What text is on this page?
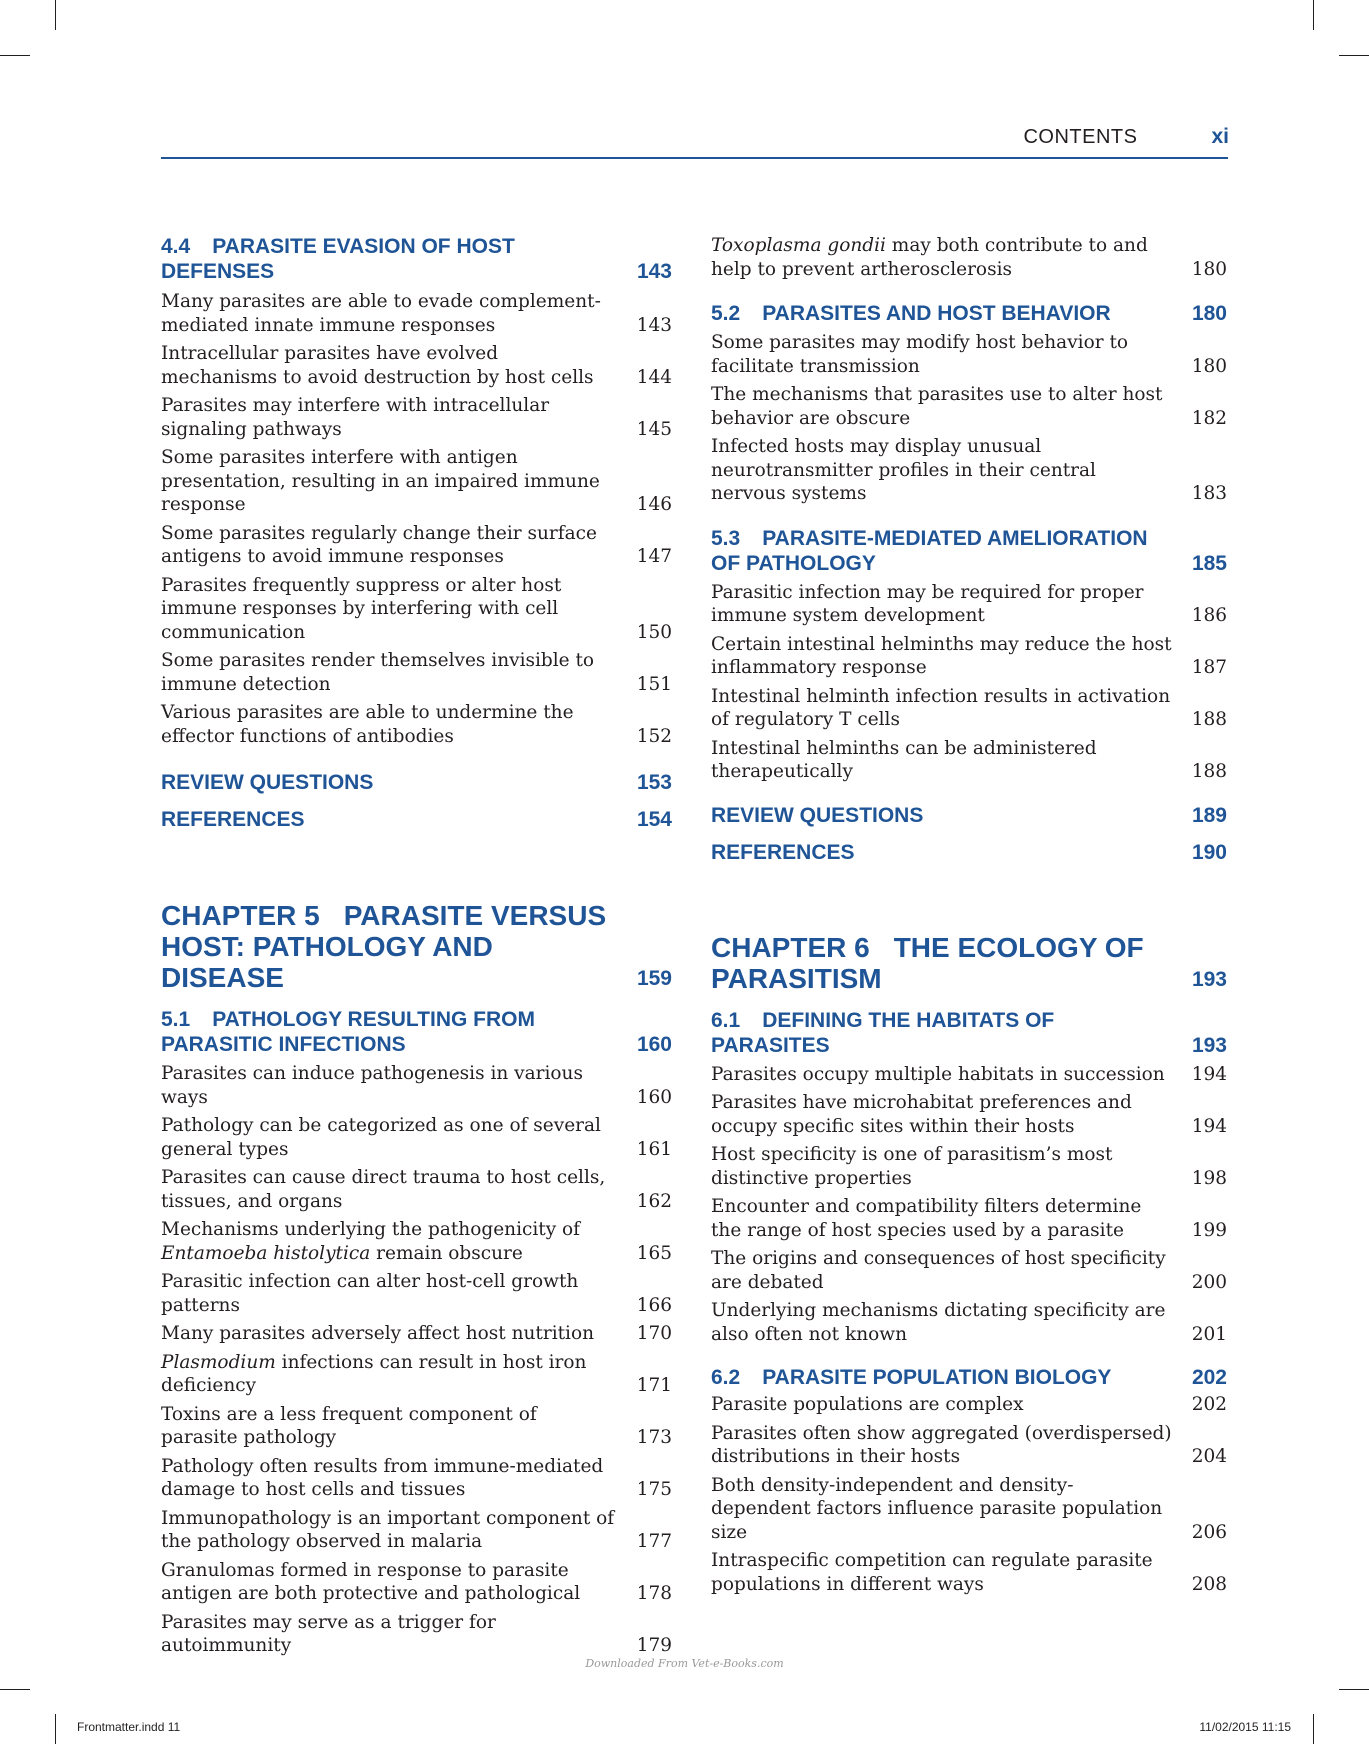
CONTENTS	xi
4.4 PARASITE EVASION OF HOST DEFENSES	143
Many parasites are able to evade complement-mediated innate immune responses	143
Intracellular parasites have evolved mechanisms to avoid destruction by host cells	144
Parasites may interfere with intracellular signaling pathways	145
Some parasites interfere with antigen presentation, resulting in an impaired immune response	146
Some parasites regularly change their surface antigens to avoid immune responses	147
Parasites frequently suppress or alter host immune responses by interfering with cell communication	150
Some parasites render themselves invisible to immune detection	151
Various parasites are able to undermine the effector functions of antibodies	152
REVIEW QUESTIONS	153
REFERENCES	154
CHAPTER 5 PARASITE VERSUS HOST: PATHOLOGY AND DISEASE	159
5.1 PATHOLOGY RESULTING FROM PARASITIC INFECTIONS	160
Parasites can induce pathogenesis in various ways	160
Pathology can be categorized as one of several general types	161
Parasites can cause direct trauma to host cells, tissues, and organs	162
Mechanisms underlying the pathogenicity of
Entamoeba histolytica remain obscure	165
Parasitic infection can alter host-cell growth patterns	166
Many parasites adversely affect host nutrition	170
Plasmodium infections can result in host iron deficiency	171
Toxins are a less frequent component of parasite pathology	173
Pathology often results from immune-mediated damage to host cells and tissues	175
Immunopathology is an important component of the pathology observed in malaria	177
Granulomas formed in response to parasite antigen are both protective and pathological	178
Parasites may serve as a trigger for autoimmunity	179
Toxoplasma gondii may both contribute to and help to prevent artherosclerosis	180
5.2 PARASITES AND HOST BEHAVIOR	180
Some parasites may modify host behavior to facilitate transmission	180
The mechanisms that parasites use to alter host behavior are obscure	182
Infected hosts may display unusual neurotransmitter profiles in their central nervous systems	183
5.3 PARASITE-MEDIATED AMELIORATION OF PATHOLOGY	185
Parasitic infection may be required for proper immune system development	186
Certain intestinal helminths may reduce the host inflammatory response	187
Intestinal helminth infection results in activation of regulatory T cells	188
Intestinal helminths can be administered therapeutically	188
REVIEW QUESTIONS	189
REFERENCES	190
CHAPTER 6 THE ECOLOGY OF PARASITISM	193
6.1 DEFINING THE HABITATS OF PARASITES	193
Parasites occupy multiple habitats in succession	194
Parasites have microhabitat preferences and occupy specific sites within their hosts	194
Host specificity is one of parasitism’s most distinctive properties	198
Encounter and compatibility filters determine the range of host species used by a parasite	199
The origins and consequences of host specificity are debated	200
Underlying mechanisms dictating specificity are also often not known	201
6.2 PARASITE POPULATION BIOLOGY	202
Parasite populations are complex	202
Parasites often show aggregated (overdispersed) distributions in their hosts	204
Both density-independent and density-dependent factors influence parasite population size	206
Intraspecific competition can regulate parasite populations in different ways	208
Downloaded From Vet-e-Books.com
Frontmatter.indd 11	11/02/2015 11:15
